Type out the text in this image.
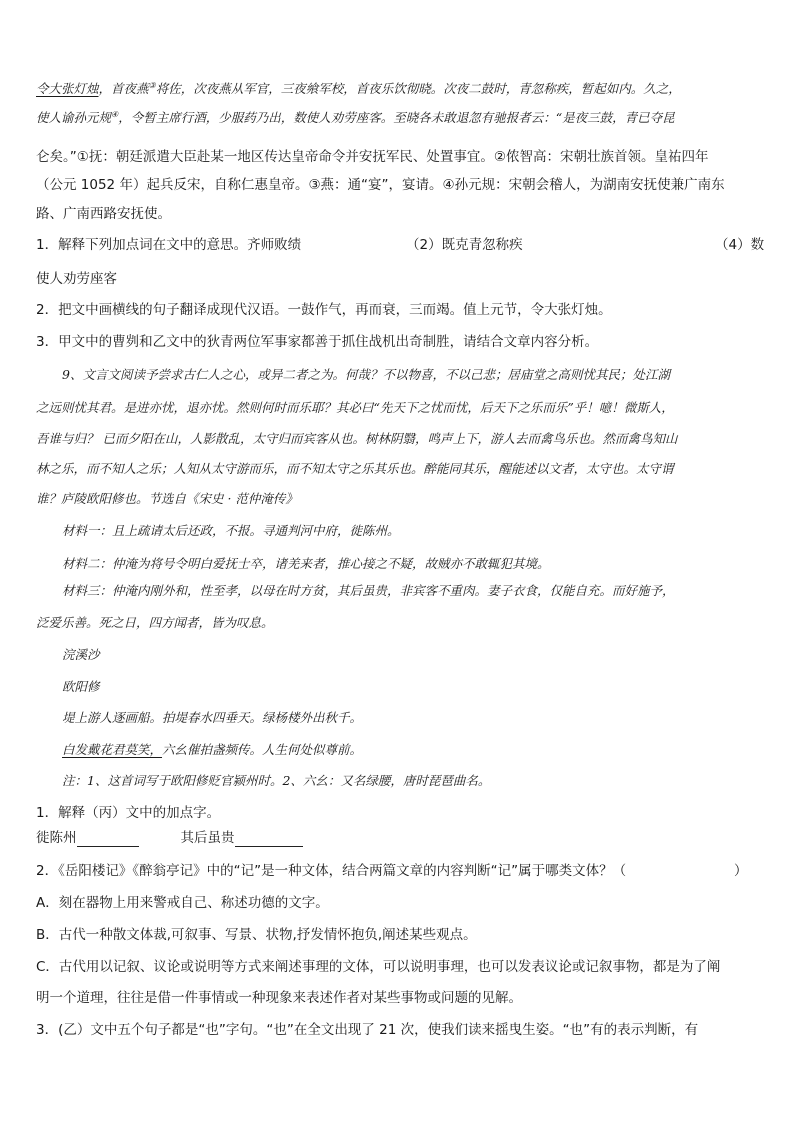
令大张灯烛，首夜燕③将佐，次夜燕从军官，三夜飨军校，首夜乐饮彻晓。次夜二鼓时，青忽称疾，暂起如内。久之，
使人谕孙元规④，令暂主席行酒，少服药乃出，数使人劝劳座客。至晓各未敢退忽有驰报者云：“是夜三鼓，青已夺昆
仑矣。”①抚：朝廷派遣大臣赴某一地区传达皇帝命令并安抚军民、处置事宜。②侬智高：宋朝壮族首领。皇祐四年
（公元 1052 年）起兵反宋，自称仁惠皇帝。③燕：通“宴”，宴请。④孙元规：宋朝会稽人，为湖南安抚使兼广南东
路、广南西路安抚使。
1．解释下列加点词在文中的意思。齐师败绩	（2）既克青忽称疾	（4）数
使人劝劳座客
2．把文中画横线的句子翻译成现代汉语。一鼓作气，再而衰，三而竭。值上元节，令大张灯烛。
3．甲文中的曹刿和乙文中的狄青两位军事家都善于抓住战机出奇制胜，请结合文章内容分析。
9、文言文阅读予尝求古仁人之心，或异二者之为。何哉？不以物喜，不以己悲；居庙堂之高则忧其民；处江湖
之远则忧其君。是进亦忧，退亦忧。然则何时而乐耶？其必曰“先天下之忧而忧，后天下之乐而乐”乎！噫！微斯人，
吾谁与归？ 已而夕阳在山，人影散乱，太守归而宾客从也。树林阴翳，鸣声上下，游人去而禽鸟乐也。然而禽鸟知山
林之乐，而不知人之乐；人知从太守游而乐，而不知太守之乐其乐也。醉能同其乐，醒能述以文者，太守也。太守谓
谁？庐陵欧阳修也。节选自《宋史 · 范仲淹传》
材料一：且上疏请太后还政，不报。寻通判河中府，徙陈州。
材料二：仲淹为将号令明白爱抚士卒，诸羌来者，推心接之不疑，故贼亦不敢辄犯其境。
材料三：仲淹内刚外和，性至孝，以母在时方贫，其后虽贵，非宾客不重肉。妻子衣食，仅能自充。而好施予，
泛爱乐善。死之日，四方闻者，皆为叹息。
浣溪沙
欧阳修
堤上游人逐画船。拍堤春水四垂天。绿杨楼外出秋千。
白发戴花君莫笑，六幺催拍盏频传。人生何处似尊前。
注：1、这首词写于欧阳修贬官颍州时。2、六幺：又名绿腰，唐时琵琶曲名。
1．解释（丙）文中的加点字。
徙陈州	其后虽贵
2．《岳阳楼记》《醉翁亭记》中的“记”是一种文体，结合两篇文章的内容判断“记”属于哪类文体？（	）
A．刻在器物上用来警戒自己、称述功德的文字。
B．古代一种散文体裁,可叙事、写景、状物,抒发情怀抱负,阐述某些观点。
C．古代用以记叙、议论或说明等方式来阐述事理的文体，可以说明事理，也可以发表议论或记叙事物，都是为了阐
明一个道理，往往是借一件事情或一种现象来表述作者对某些事物或问题的见解。
3．(乙）文中五个句子都是“也”字句。“也”在全文出现了 21 次，使我们读来摇曳生姿。“也”有的表示判断，有
